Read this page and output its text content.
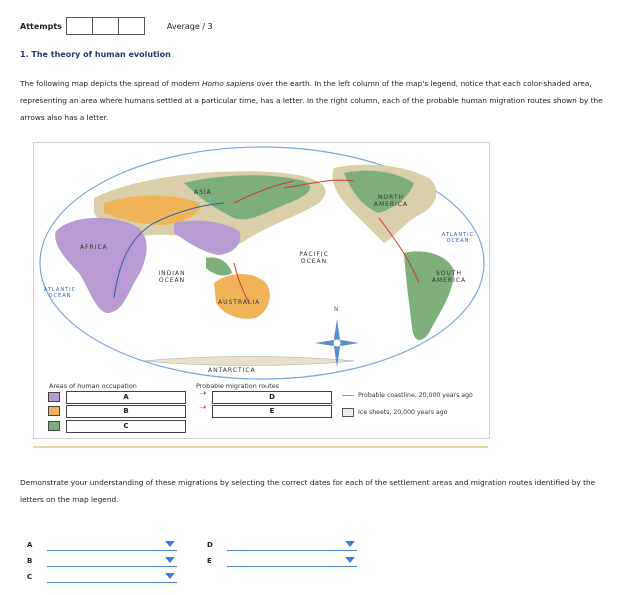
Attempts	Average / 3
1. The theory of human evolution
The following map depicts the spread of modern Homo sapiens over the earth. In the left column of the map's legend, notice that each color-shaded area, representing an area where humans settled at a particular time, has a letter. In the right column, each of the probable human migration routes shown by the arrows also has a letter.
ASIA
AFRICA
INDIAN OCEAN
PACIFIC OCEAN
ATLANTIC OCEAN
ATLANTIC OCEAN
NORTH AMERICA
SOUTH AMERICA
AUSTRALIA
ANTARCTICA
N
Areas of human occupation	Probable migration routes
A
B
C
➝
➝
D
E
Probable coastline, 20,000 years ago
Ice sheets, 20,000 years ago
Demonstrate your understanding of these migrations by selecting the correct dates for each of the settlement areas and migration routes identified by the letters on the map legend.
A
B
C
D
E
